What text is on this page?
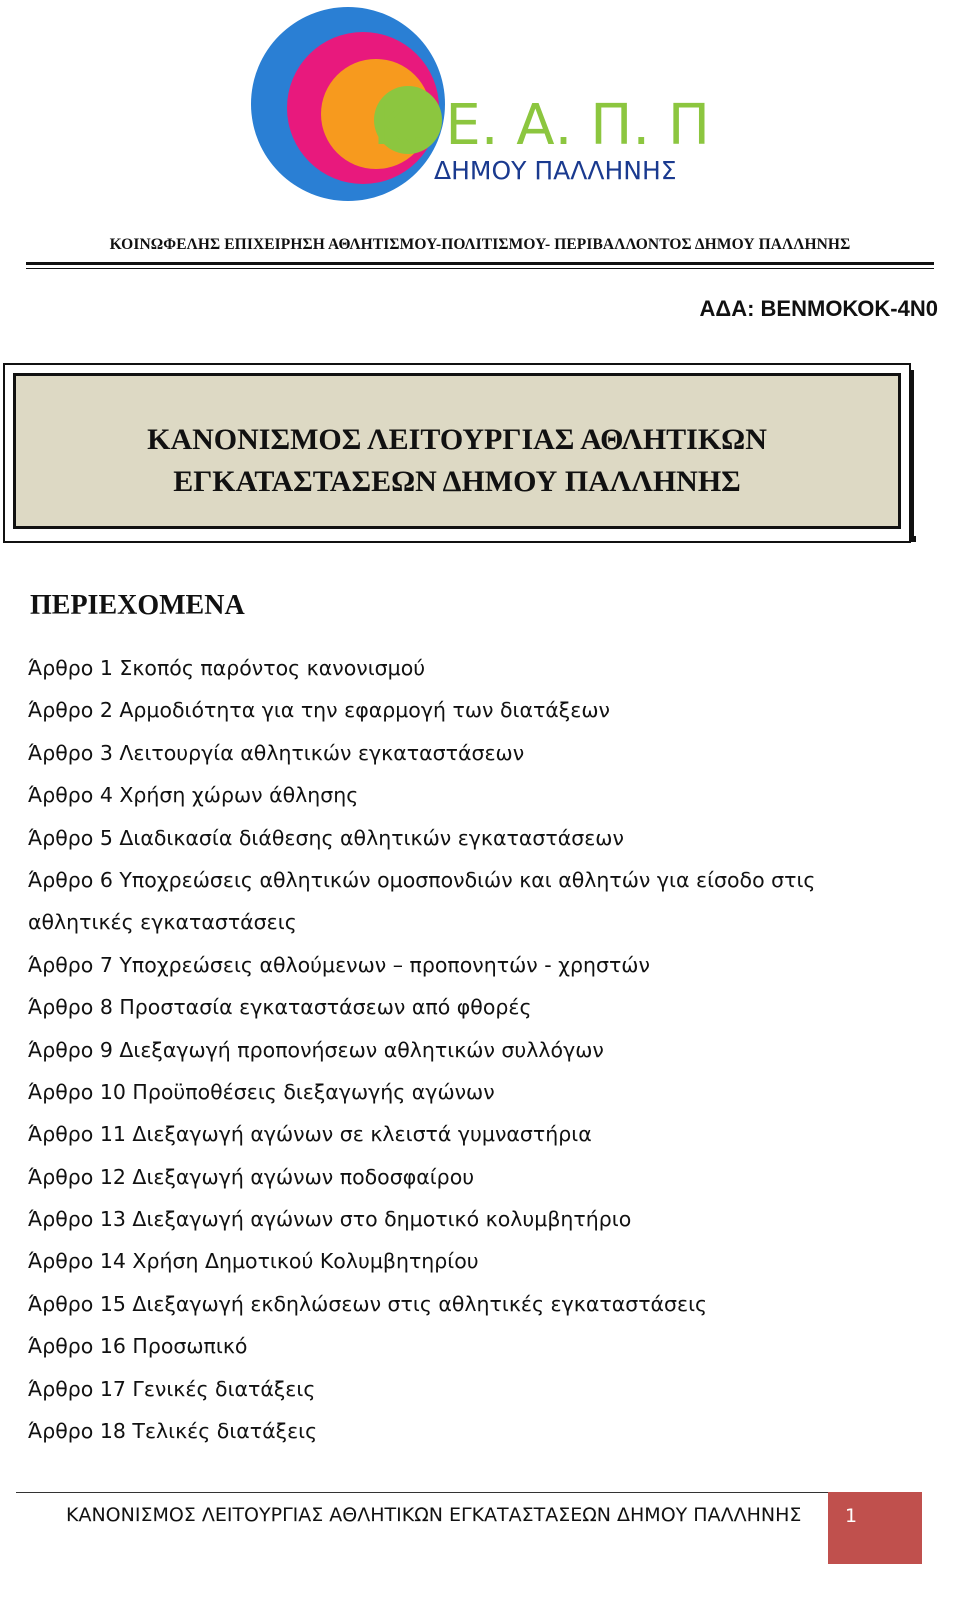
Κ. Ε. Α. Π. Π.
ΔΗΜΟΥ ΠΑΛΛΗΝΗΣ
ΚΟΙΝΩΦΕΛΗΣ ΕΠΙΧΕΙΡΗΣΗ ΑΘΛΗΤΙΣΜΟΥ-ΠΟΛΙΤΙΣΜΟΥ- ΠΕΡΙΒΑΛΛΟΝΤΟΣ ΔΗΜΟΥ ΠΑΛΛΗΝΗΣ
ΑΔΑ: ΒΕΝΜΟΚΟΚ-4Ν0
ΚΑΝΟΝΙΣΜΟΣ ΛΕΙΤΟΥΡΓΙΑΣ ΑΘΛΗΤΙΚΩΝ
ΕΓΚΑΤΑΣΤΑΣΕΩΝ ΔΗΜΟΥ ΠΑΛΛΗΝΗΣ
ΠΕΡΙΕΧΟΜΕΝΑ
Άρθρο 1 Σκοπός παρόντος κανονισμού
Άρθρο 2 Αρμοδιότητα για την εφαρμογή των διατάξεων
Άρθρο 3 Λειτουργία αθλητικών εγκαταστάσεων
Άρθρο 4 Χρήση χώρων άθλησης
Άρθρο 5 Διαδικασία διάθεσης αθλητικών εγκαταστάσεων
Άρθρο 6 Υποχρεώσεις αθλητικών ομοσπονδιών και αθλητών για είσοδο στις
αθλητικές εγκαταστάσεις
Άρθρο 7 Υποχρεώσεις αθλούμενων – προπονητών - χρηστών
Άρθρο 8 Προστασία εγκαταστάσεων από φθορές
Άρθρο 9 Διεξαγωγή προπονήσεων αθλητικών συλλόγων
Άρθρο 10 Προϋποθέσεις διεξαγωγής αγώνων
Άρθρο 11 Διεξαγωγή αγώνων σε κλειστά γυμναστήρια
Άρθρο 12 Διεξαγωγή αγώνων ποδοσφαίρου
Άρθρο 13 Διεξαγωγή αγώνων στο δημοτικό κολυμβητήριο
Άρθρο 14 Χρήση Δημοτικού Κολυμβητηρίου
Άρθρο 15 Διεξαγωγή εκδηλώσεων στις αθλητικές εγκαταστάσεις
Άρθρο 16 Προσωπικό
Άρθρο 17 Γενικές διατάξεις
Άρθρο 18 Τελικές διατάξεις
ΚΑΝΟΝΙΣΜΟΣ ΛΕΙΤΟΥΡΓΙΑΣ ΑΘΛΗΤΙΚΩΝ ΕΓΚΑΤΑΣΤΑΣΕΩΝ ΔΗΜΟΥ ΠΑΛΛΗΝΗΣ 1
